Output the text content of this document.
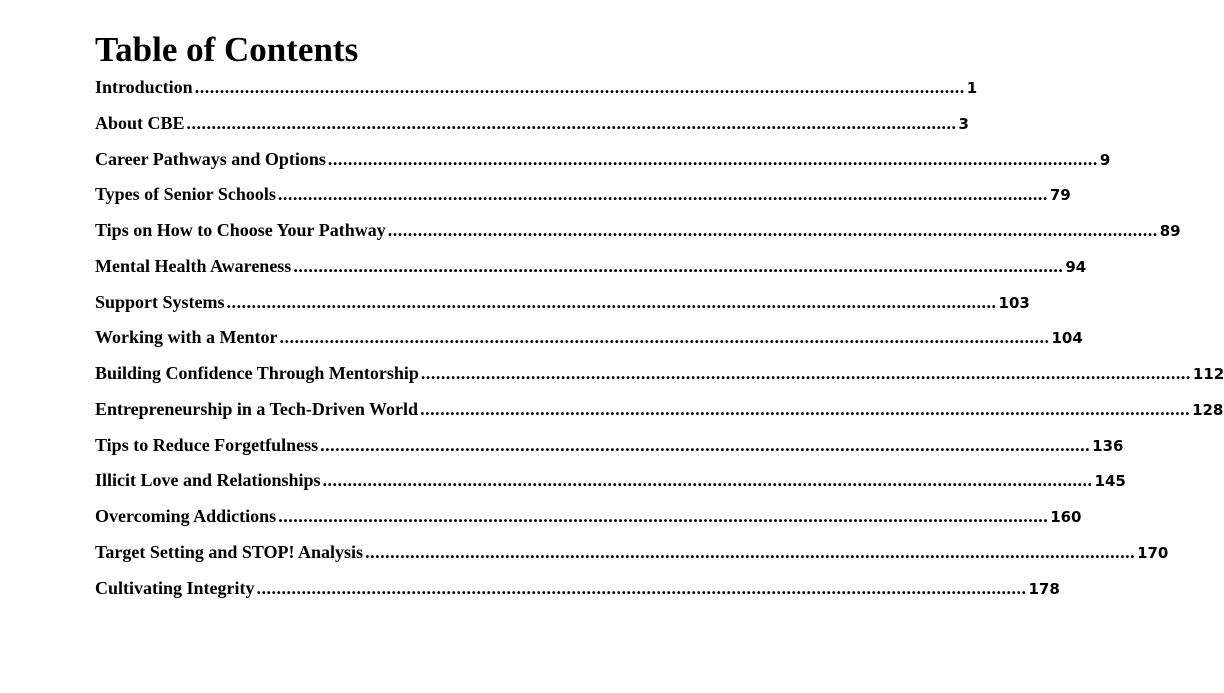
Table of Contents
Introduction .....	1
About CBE .....	3
Career Pathways and Options .....	9
Types of Senior Schools .....	79
Tips on How to Choose Your Pathway .....	89
Mental Health Awareness .....	94
Support Systems .....	103
Working with a Mentor .....	104
Building Confidence Through Mentorship .....	112
Entrepreneurship in a Tech-Driven World .....	128
Tips to Reduce Forgetfulness .....	136
Illicit Love and Relationships .....	145
Overcoming Addictions .....	160
Target Setting and STOP! Analysis .....	170
Cultivating Integrity .....	178
